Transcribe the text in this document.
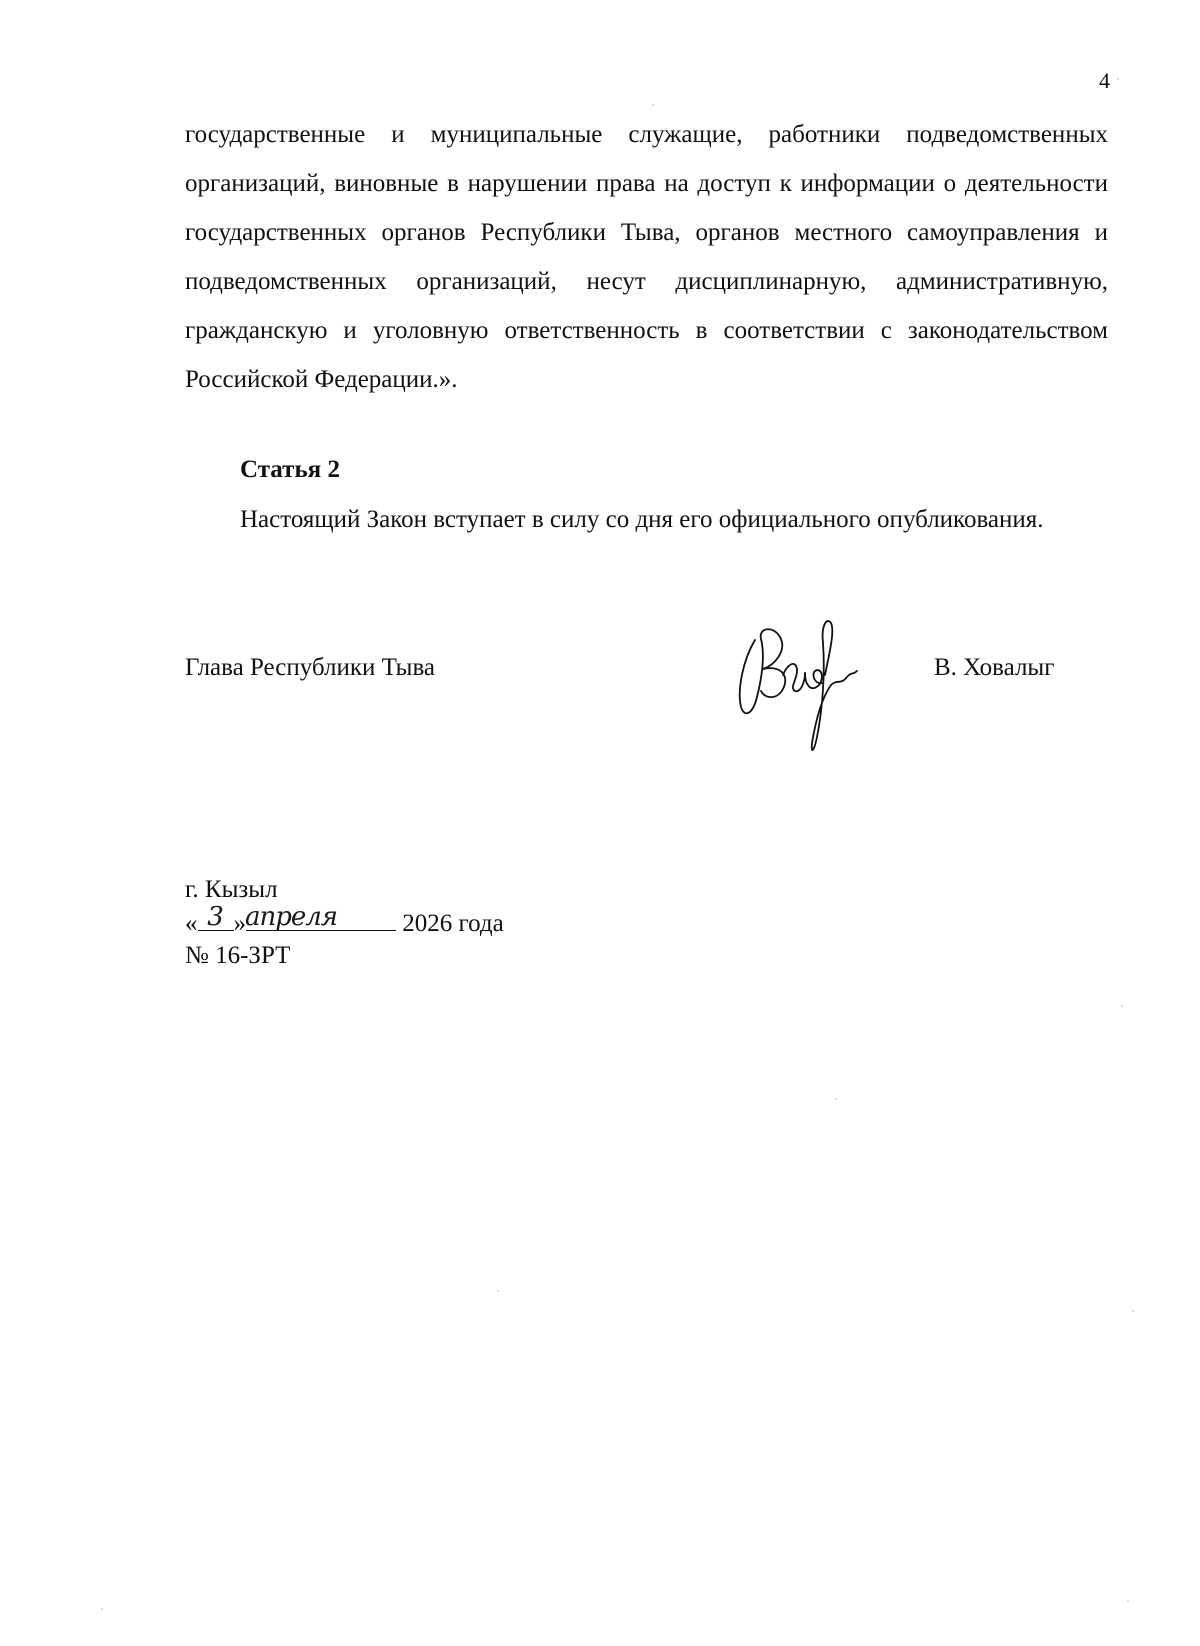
4

государственные и муниципальные служащие, работники подведомственных организаций, виновные в нарушении права на доступ к информации о деятельности государственных органов Республики Тыва, органов местного самоуправления и подведомственных организаций, несут дисциплинарную, административную, гражданскую и уголовную ответственность в соответствии с законодательством Российской Федерации.».

Статья 2

Настоящий Закон вступает в силу со дня его официального опубликования.

Глава Республики Тыва	В. Ховалыг
г. Кызыл
« 3 »
апреля	2026 года
№ 16-ЗРТ
